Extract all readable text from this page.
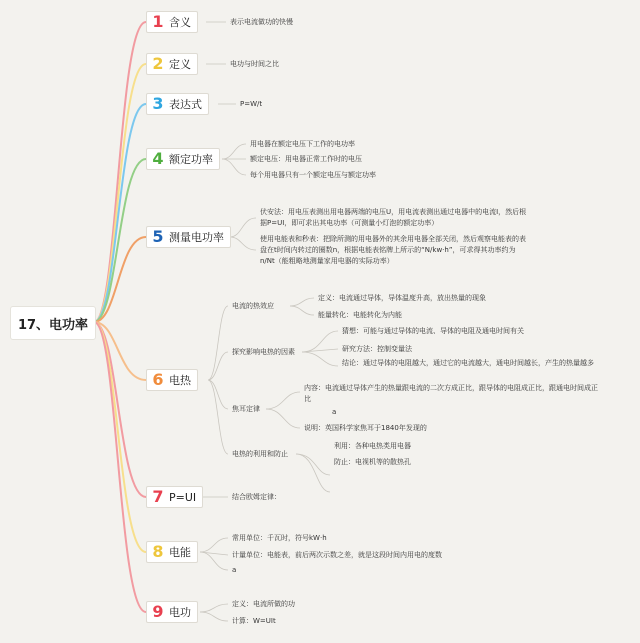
17、电功率
1 含义	表示电流做功的快慢
2 定义	电功与时间之比
3 表达式	P=W/t
4 额定功率
用电器在额定电压下工作的电功率
额定电压：用电器正常工作时的电压
每个用电器只有一个额定电压与额定功率
5 测量电功率
伏安法：用电压表测出用电器两端的电压U，用电流表测出通过电器中的电流I，然后根据P=UI，即可求出其电功率（可测量小灯泡的额定功率）
使用电能表和秒表：把除所测的用电器外的其余用电器全部关闭，然后观察电能表的表盘在t时间内转过的圈数n，根据电能表铭牌上所示的“N/kw·h”，可求得其功率约为 n/Nt（能粗略地测量家用电器的实际功率）
6 电热
电流的热效应
定义：电流通过导体，导体温度升高，放出热量的现象
能量转化：电能转化为内能
探究影响电热的因素
猜想：可能与通过导体的电流、导体的电阻及通电时间有关
研究方法：控制变量法
结论：通过导体的电阻越大，通过它的电流越大，通电时间越长，产生的热量越多
焦耳定律
内容：电流通过导体产生的热量跟电流的二次方成正比，跟导体的电阻成正比，跟通电时间成正比
a
说明：英国科学家焦耳于1840年发现的
电热的利用和防止
利用：各种电热类用电器
防止：电视机等的散热孔
7 P=UI	结合欧姆定律：
8 电能
常用单位：千瓦时，符号kW·h
计量单位：电能表，前后两次示数之差，就是这段时间内用电的度数
a
9 电功
定义：电流所做的功
计算：W=UIt
